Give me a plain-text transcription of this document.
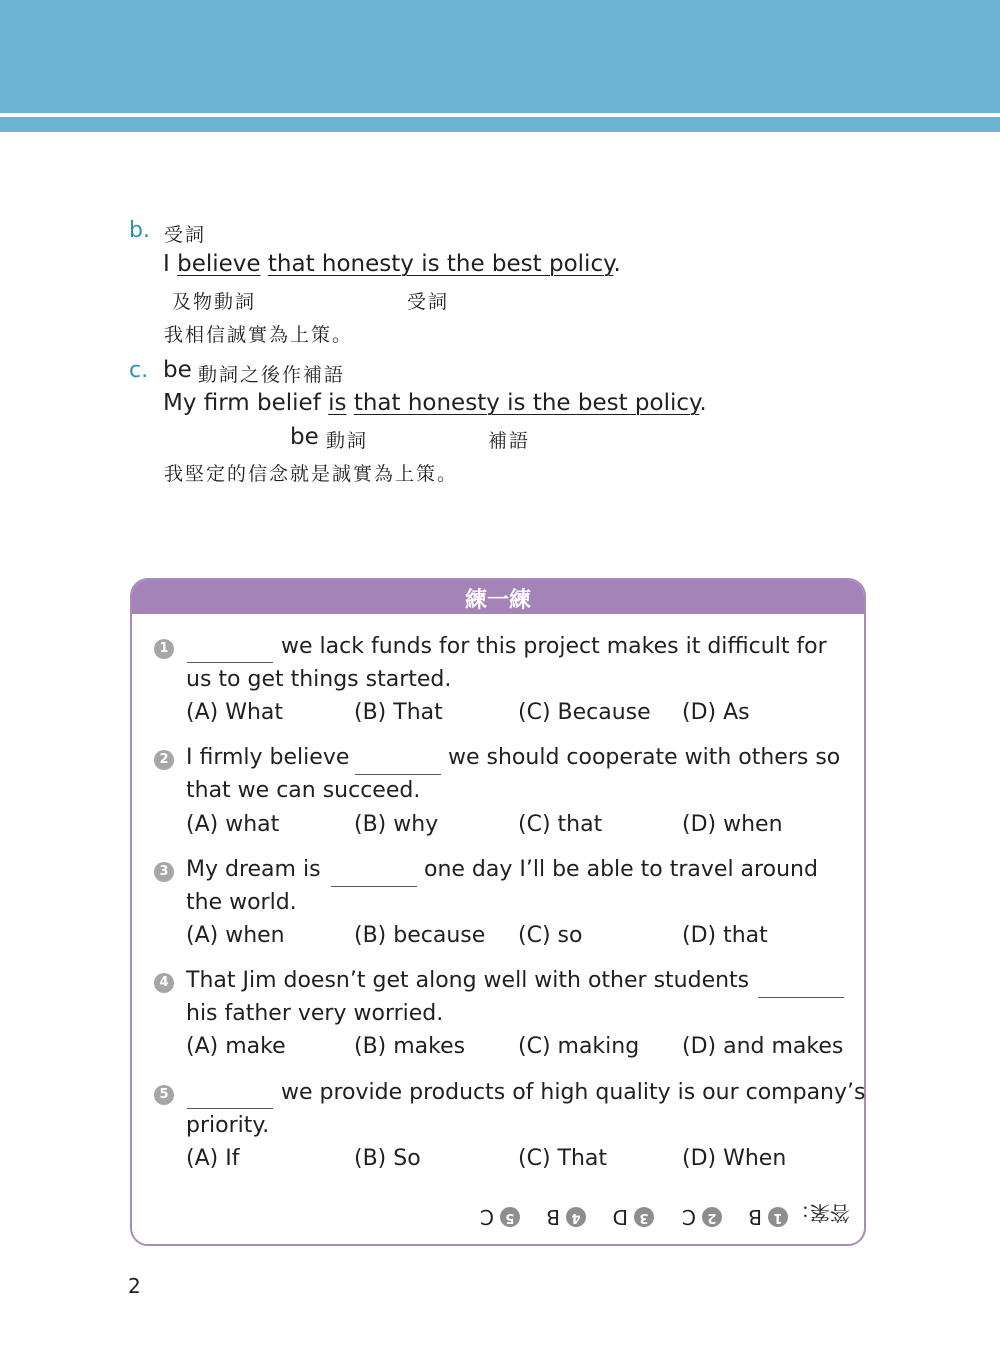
b. 受詞
I believe that honesty is the best policy.
及物動詞	受詞
我相信誠實為上策。
c. be 動詞之後作補語
My firm belief is that honesty is the best policy.
be 動詞	補語
我堅定的信念就是誠實為上策。
練一練
1	we lack funds for this project makes it difficult for
us to get things started.
(A) What	(B) That	(C) Because (D) As
2 I firmly believe	we should cooperate with others so
that we can succeed.
(A) what	(B) why	(C) that	(D) when
3 My dream is	one day I’ll be able to travel around
the world.
(A) when	(B) because (C) so	(D) that
4 That Jim doesn’t get along well with other students
his father very worried.
(A) make	(B) makes (C) making (D) and makes
5	we provide products of high quality is our company’s
priority.
(A) If	(B) So	(C) That	(D) When
答案：
1
B
2
C
3
D
4
B
5
C
2
